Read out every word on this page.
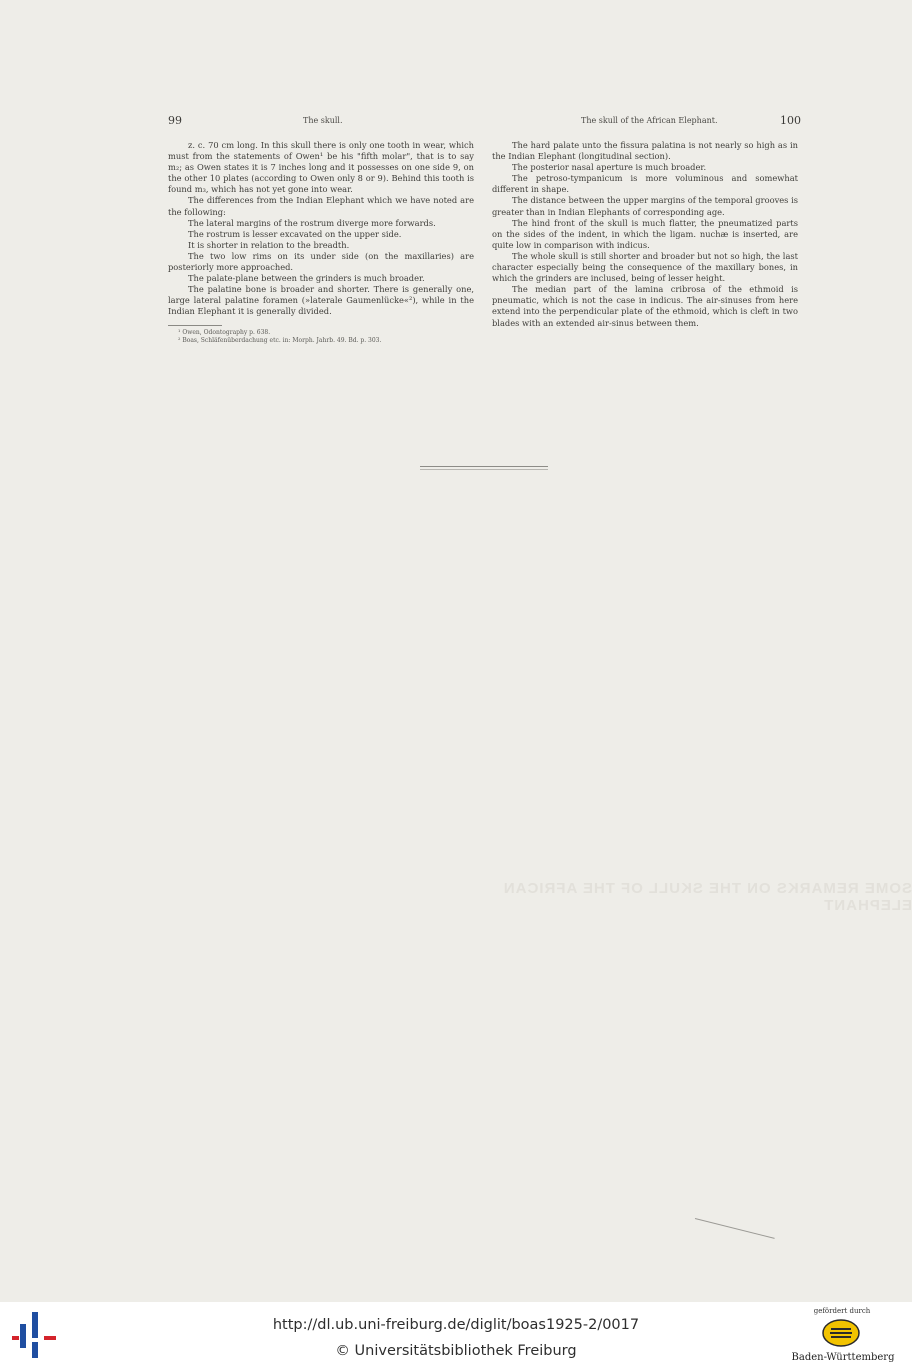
99	The skull.	The skull of the African Elephant.	100

z. c. 70 cm long. In this skull there is only one tooth in wear, which must from the statements of Owen¹ be his "fifth molar", that is to say m₂; as Owen states it is 7 inches long and it possesses on one side 9, on the other 10 plates (according to Owen only 8 or 9). Behind this tooth is found m₃, which has not yet gone into wear.

The differences from the Indian Elephant which we have noted are the following:

The lateral margins of the rostrum diverge more forwards.

The rostrum is lesser excavated on the upper side.

It is shorter in relation to the breadth.

The two low rims on its under side (on the maxillaries) are posteriorly more approached.

The palate-plane between the grinders is much broader.

The palatine bone is broader and shorter. There is generally one, large lateral palatine foramen (»laterale Gaumenlücke«²), while in the Indian Elephant it is generally divided.

¹ Owen, Odontography p. 638.
² Boas, Schläfenüberdachung etc. in: Morph. Jahrb. 49. Bd. p. 303.

The hard palate unto the fissura palatina is not nearly so high as in the Indian Elephant (longitudinal section).

The posterior nasal aperture is much broader.

The petroso-tympanicum is more voluminous and somewhat different in shape.

The distance between the upper margins of the temporal grooves is greater than in Indian Elephants of corresponding age.

The hind front of the skull is much flatter, the pneumatized parts on the sides of the indent, in which the ligam. nuchæ is inserted, are quite low in comparison with indicus.

The whole skull is still shorter and broader but not so high, the last character especially being the consequence of the maxillary bones, in which the grinders are inclused, being of lesser height.

The median part of the lamina cribrosa of the ethmoid is pneumatic, which is not the case in indicus. The air-sinuses from here extend into the perpendicular plate of the ethmoid, which is cleft in two blades with an extended air-sinus between them.

SOME REMARKS ON THE SKULL OF THE AFRICAN ELEPHANT
http://dl.ub.uni-freiburg.de/diglit/boas1925-2/0017
© Universitätsbibliothek Freiburg
gefördert durch
Baden-Württemberg
